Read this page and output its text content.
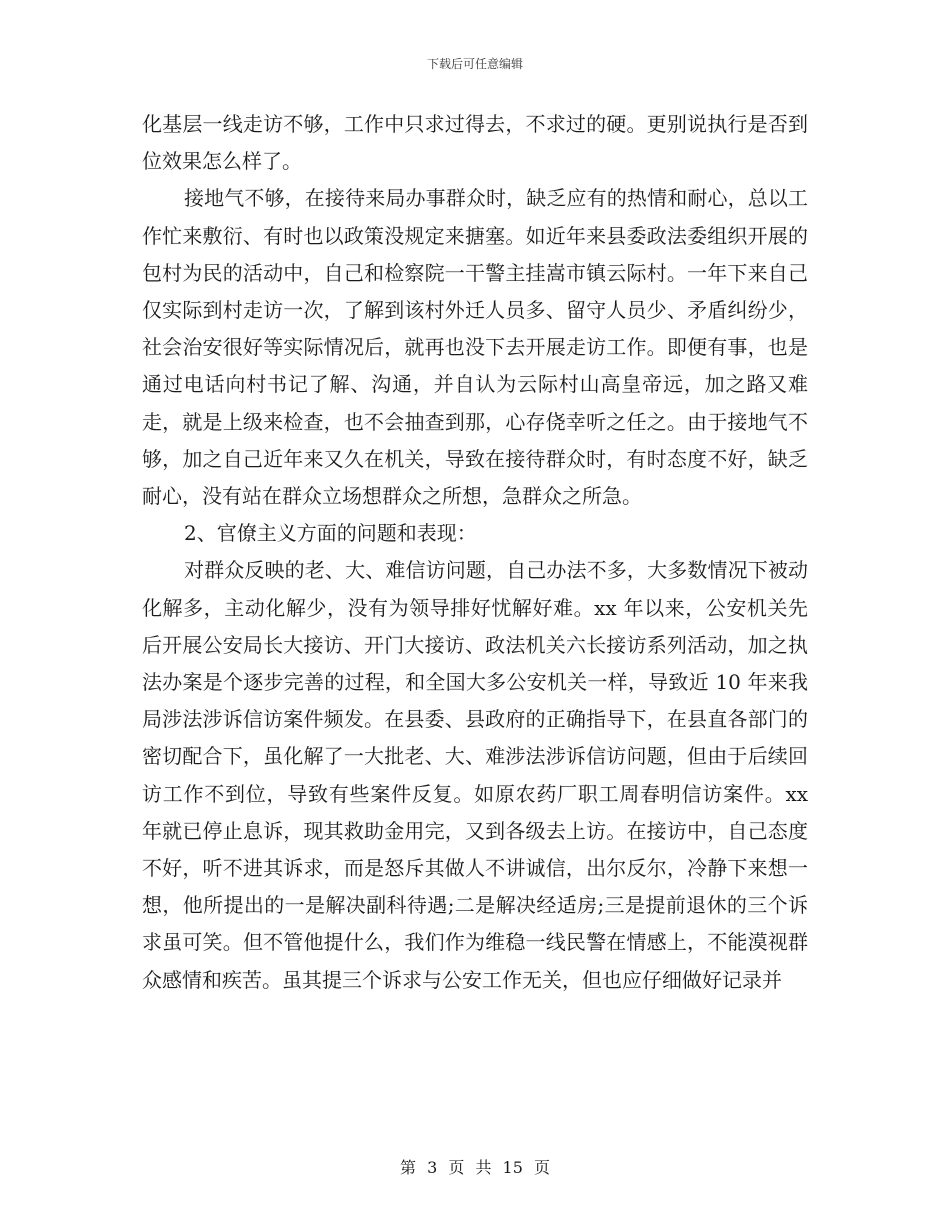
下载后可任意编辑

化基层一线走访不够，工作中只求过得去，不求过的硬。更别说执行是否到位效果怎么样了。

接地气不够，在接待来局办事群众时，缺乏应有的热情和耐心，总以工作忙来敷衍、有时也以政策没规定来搪塞。如近年来县委政法委组织开展的包村为民的活动中，自己和检察院一干警主挂嵩市镇云际村。一年下来自己仅实际到村走访一次，了解到该村外迁人员多、留守人员少、矛盾纠纷少，社会治安很好等实际情况后，就再也没下去开展走访工作。即便有事，也是通过电话向村书记了解、沟通，并自认为云际村山高皇帝远，加之路又难走，就是上级来检查，也不会抽查到那，心存侥幸听之任之。由于接地气不够，加之自己近年来又久在机关，导致在接待群众时，有时态度不好，缺乏耐心，没有站在群众立场想群众之所想，急群众之所急。

2、官僚主义方面的问题和表现：

对群众反映的老、大、难信访问题，自己办法不多，大多数情况下被动化解多，主动化解少，没有为领导排好忧解好难。xx 年以来，公安机关先后开展公安局长大接访、开门大接访、政法机关六长接访系列活动，加之执法办案是个逐步完善的过程，和全国大多公安机关一样，导致近 10 年来我局涉法涉诉信访案件频发。在县委、县政府的正确指导下，在县直各部门的密切配合下，虽化解了一大批老、大、难涉法涉诉信访问题，但由于后续回访工作不到位，导致有些案件反复。如原农药厂职工周春明信访案件。xx 年就已停止息诉，现其救助金用完，又到各级去上访。在接访中，自己态度不好，听不进其诉求，而是怒斥其做人不讲诚信，出尔反尔，冷静下来想一想，他所提出的一是解决副科待遇;二是解决经适房;三是提前退休的三个诉求虽可笑。但不管他提什么，我们作为维稳一线民警在情感上，不能漠视群众感情和疾苦。虽其提三个诉求与公安工作无关，但也应仔细做好记录并

第 3 页 共 15 页
